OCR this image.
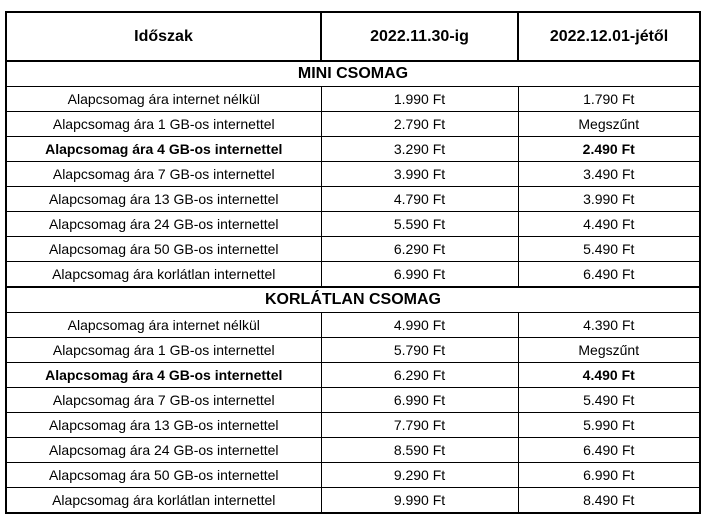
Időszak	2022.11.30-ig	2022.12.01-jétől
MINI CSOMAG		
Alapcsomag ára internet nélkül	1.990 Ft	1.790 Ft
Alapcsomag ára 1 GB-os internettel	2.790 Ft	Megszűnt
Alapcsomag ára 4 GB-os internettel	3.290 Ft	2.490 Ft
Alapcsomag ára 7 GB-os internettel	3.990 Ft	3.490 Ft
Alapcsomag ára 13 GB-os internettel	4.790 Ft	3.990 Ft
Alapcsomag ára 24 GB-os internettel	5.590 Ft	4.490 Ft
Alapcsomag ára 50 GB-os internettel	6.290 Ft	5.490 Ft
Alapcsomag ára korlátlan internettel	6.990 Ft	6.490 Ft
KORLÁTLAN CSOMAG		
Alapcsomag ára internet nélkül	4.990 Ft	4.390 Ft
Alapcsomag ára 1 GB-os internettel	5.790 Ft	Megszűnt
Alapcsomag ára 4 GB-os internettel	6.290 Ft	4.490 Ft
Alapcsomag ára 7 GB-os internettel	6.990 Ft	5.490 Ft
Alapcsomag ára 13 GB-os internettel	7.790 Ft	5.990 Ft
Alapcsomag ára 24 GB-os internettel	8.590 Ft	6.490 Ft
Alapcsomag ára 50 GB-os internettel	9.290 Ft	6.990 Ft
Alapcsomag ára korlátlan internettel	9.990 Ft	8.490 Ft
